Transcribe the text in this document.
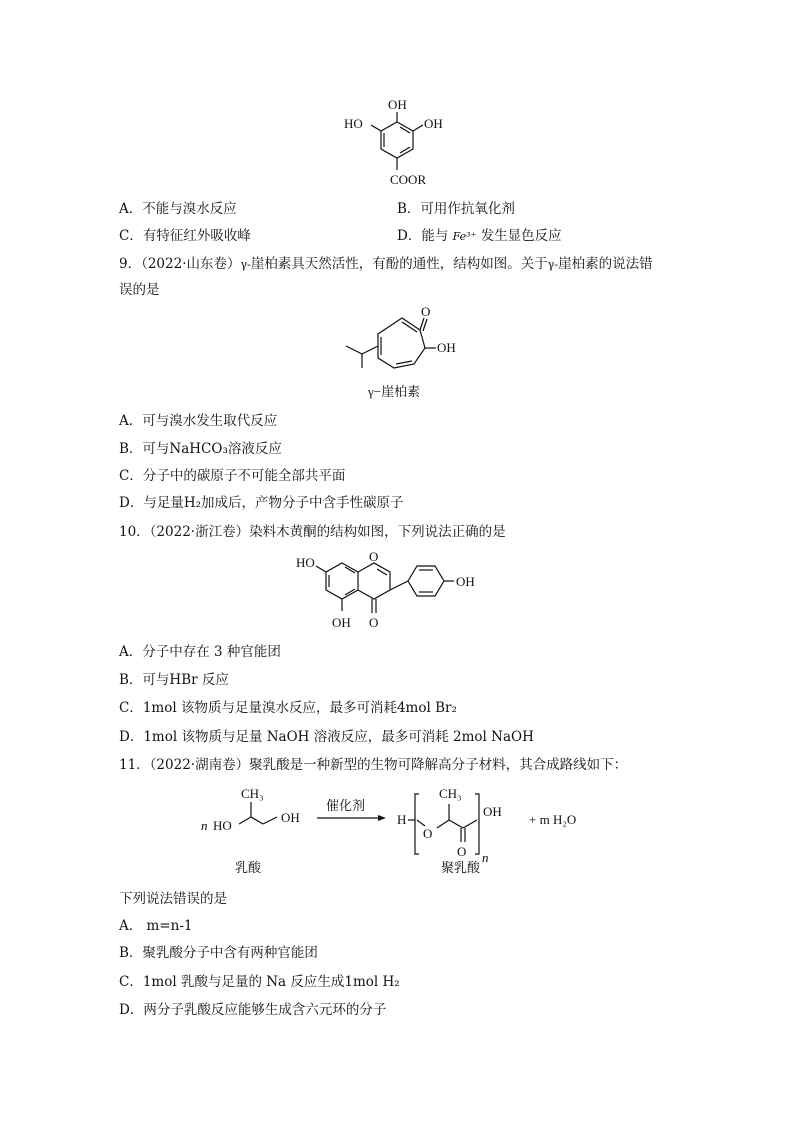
OH
HO	OH
COOR
A．不能与溴水反应	B．可用作抗氧化剂
C．有特征红外吸收峰	D．能与 Fe³⁺ 发生显色反应
9．（2022·山东卷）γ-崖柏素具天然活性，有酚的通性，结构如图。关于γ-崖柏素的说法错
误的是
O
OH
γ−崖柏素
A．可与溴水发生取代反应
B．可与NaHCO₃溶液反应
C．分子中的碳原子不可能全部共平面
D．与足量H₂加成后，产物分子中含手性碳原子
10．（2022·浙江卷）染料木黄酮的结构如图，下列说法正确的是
HO	O
OH
OH O
A．分子中存在 3 种官能团
B．可与HBr 反应
C．1mol 该物质与足量溴水反应，最多可消耗4mol Br₂
D．1mol 该物质与足量 NaOH 溶液反应，最多可消耗 2mol NaOH
11．（2022·湖南卷）聚乳酸是一种新型的生物可降解高分子材料，其合成路线如下：
n HO
CH₃
OH
乳酸
催化剂
H
O
CH₃
O n
OH
+ m H₂O
聚乳酸
下列说法错误的是
A． m=n-1
B．聚乳酸分子中含有两种官能团
C．1mol 乳酸与足量的 Na 反应生成1mol H₂
D．两分子乳酸反应能够生成含六元环的分子
